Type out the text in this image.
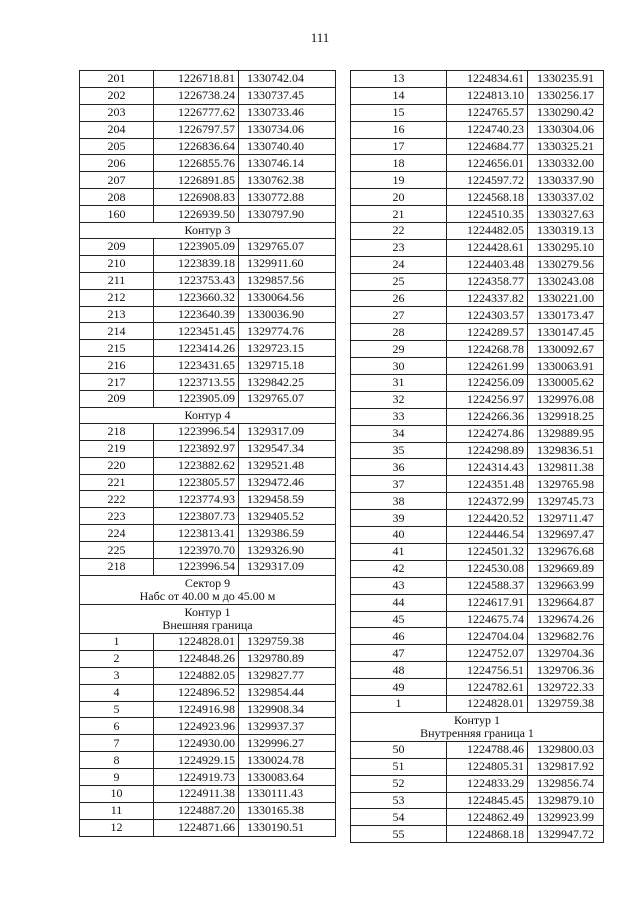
111
201	1226718.81	1330742.04
202	1226738.24	1330737.45
203	1226777.62	1330733.46
204	1226797.57	1330734.06
205	1226836.64	1330740.40
206	1226855.76	1330746.14
207	1226891.85	1330762.38
208	1226908.83	1330772.88
160	1226939.50	1330797.90

Контур 3		

209	1223905.09	1329765.07
210	1223839.18	1329911.60
211	1223753.43	1329857.56
212	1223660.32	1330064.56
213	1223640.39	1330036.90
214	1223451.45	1329774.76
215	1223414.26	1329723.15
216	1223431.65	1329715.18
217	1223713.55	1329842.25
209	1223905.09	1329765.07

Контур 4		

218	1223996.54	1329317.09
219	1223892.97	1329547.34
220	1223882.62	1329521.48
221	1223805.57	1329472.46
222	1223774.93	1329458.59
223	1223807.73	1329405.52
224	1223813.41	1329386.59
225	1223970.70	1329326.90
218	1223996.54	1329317.09

Сектор 9
Набс от 40.00 м до 45.00 м		

Контур 1
Внешняя граница		

1	1224828.01	1329759.38
2	1224848.26	1329780.89
3	1224882.05	1329827.77
4	1224896.52	1329854.44
5	1224916.98	1329908.34
6	1224923.96	1329937.37
7	1224930.00	1329996.27
8	1224929.15	1330024.78
9	1224919.73	1330083.64
10	1224911.38	1330111.43
11	1224887.20	1330165.38
12	1224871.66	1330190.51
13	1224834.61	1330235.91
14	1224813.10	1330256.17
15	1224765.57	1330290.42
16	1224740.23	1330304.06
17	1224684.77	1330325.21
18	1224656.01	1330332.00
19	1224597.72	1330337.90
20	1224568.18	1330337.02
21	1224510.35	1330327.63
22	1224482.05	1330319.13
23	1224428.61	1330295.10
24	1224403.48	1330279.56
25	1224358.77	1330243.08
26	1224337.82	1330221.00
27	1224303.57	1330173.47
28	1224289.57	1330147.45
29	1224268.78	1330092.67
30	1224261.99	1330063.91
31	1224256.09	1330005.62
32	1224256.97	1329976.08
33	1224266.36	1329918.25
34	1224274.86	1329889.95
35	1224298.89	1329836.51
36	1224314.43	1329811.38
37	1224351.48	1329765.98
38	1224372.99	1329745.73
39	1224420.52	1329711.47
40	1224446.54	1329697.47
41	1224501.32	1329676.68
42	1224530.08	1329669.89
43	1224588.37	1329663.99
44	1224617.91	1329664.87
45	1224675.74	1329674.26
46	1224704.04	1329682.76
47	1224752.07	1329704.36
48	1224756.51	1329706.36
49	1224782.61	1329722.33
1	1224828.01	1329759.38

Контур 1
Внутренняя граница 1		

50	1224788.46	1329800.03
51	1224805.31	1329817.92
52	1224833.29	1329856.74
53	1224845.45	1329879.10
54	1224862.49	1329923.99
55	1224868.18	1329947.72
